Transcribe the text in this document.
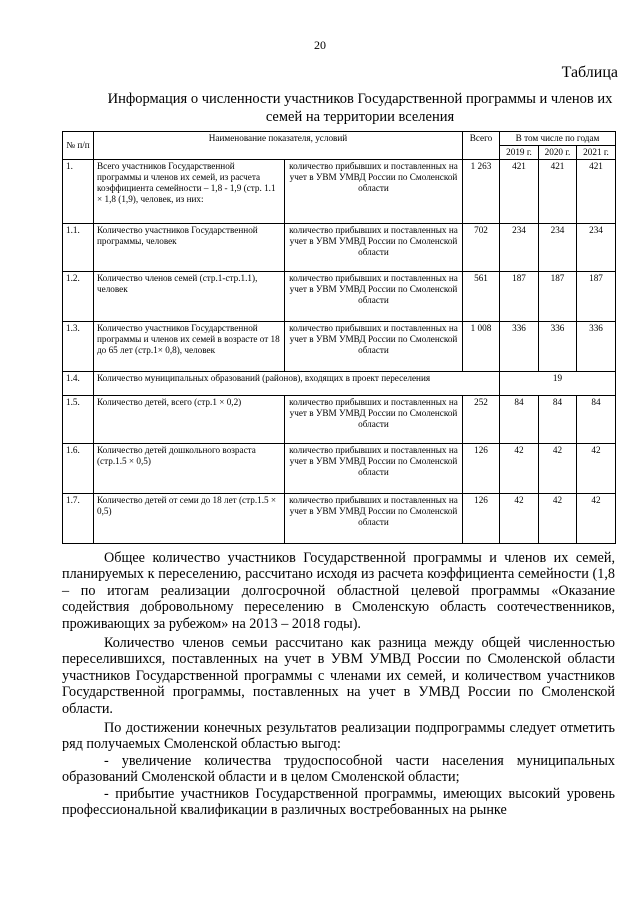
20
Таблица
Информация о численности участников Государственной программы и членов их семей на территории вселения
№ п/п	Наименование показателя, условий		Всего	В том числе по годам		
				2019 г.	2020 г.	2021 г.
1.	Всего участников Государственной программы и членов их семей, из расчета коэффициента семейности – 1,8 - 1,9 (стр. 1.1 × 1,8 (1,9), человек, из них:	количество прибывших и поставленных на учет в УВМ УМВД России по Смоленской области	1 263	421	421	421
1.1.	Количество участников Государственной программы, человек	количество прибывших и поставленных на учет в УВМ УМВД России по Смоленской области	702	234	234	234
1.2.	Количество членов семей (стр.1-стр.1.1), человек	количество прибывших и поставленных на учет в УВМ УМВД России по Смоленской области	561	187	187	187
1.3.	Количество участников Государственной программы и членов их семей в возрасте от 18 до 65 лет (стр.1× 0,8), человек	количество прибывших и поставленных на учет в УВМ УМВД России по Смоленской области	1 008	336	336	336
1.4.	Количество муниципальных образований (районов), входящих в проект переселения			19		
1.5.	Количество детей, всего (стр.1 × 0,2)	количество прибывших и поставленных на учет в УВМ УМВД России по Смоленской области	252	84	84	84
1.6.	Количество детей дошкольного возраста (стр.1.5 × 0,5)	количество прибывших и поставленных на учет в УВМ УМВД России по Смоленской области	126	42	42	42
1.7.	Количество детей от семи до 18 лет (стр.1.5 × 0,5)	количество прибывших и поставленных на учет в УВМ УМВД России по Смоленской области	126	42	42	42

Общее количество участников Государственной программы и членов их семей, планируемых к переселению, рассчитано исходя из расчета коэффициента семейности (1,8 – по итогам реализации долгосрочной областной целевой программы «Оказание содействия добровольному переселению в Смоленскую область соотечественников, проживающих за рубежом» на 2013 – 2018 годы).

Количество членов семьи рассчитано как разница между общей численностью переселившихся, поставленных на учет в УВМ УМВД России по Смоленской области участников Государственной программы с членами их семей, и количеством участников Государственной программы, поставленных на учет в УМВД России по Смоленской области.

По достижении конечных результатов реализации подпрограммы следует отметить ряд получаемых Смоленской областью выгод:

- увеличение количества трудоспособной части населения муниципальных образований Смоленской области и в целом Смоленской области;

- прибытие участников Государственной программы, имеющих высокий уровень профессиональной квалификации в различных востребованных на рынке
